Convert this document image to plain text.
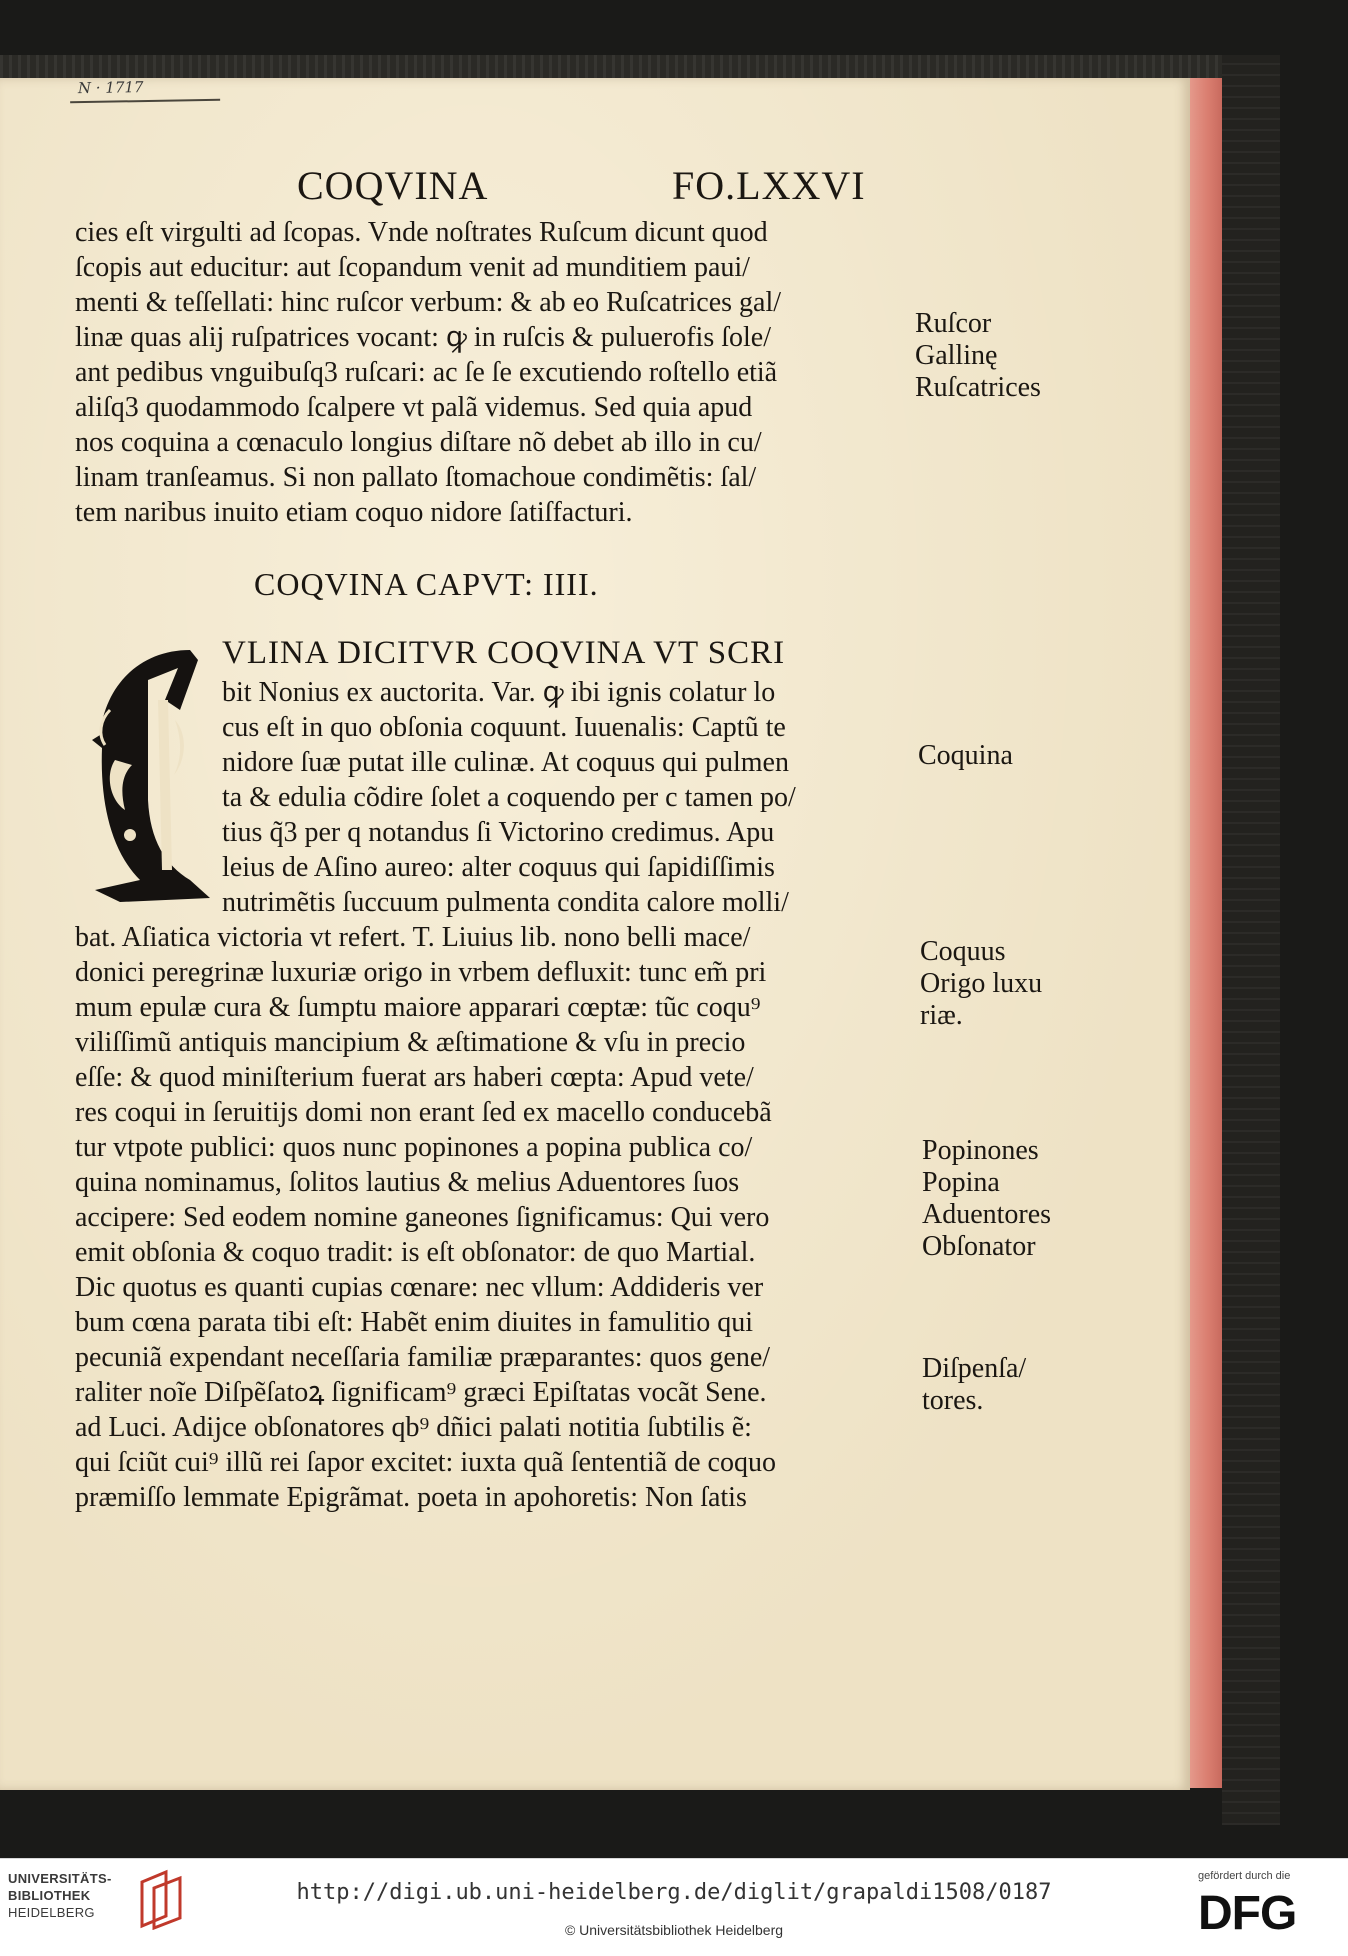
N · 1717
COQVINA	FO.LXXVI
cies eſt virgulti ad ſcopas. Vnde noſtrates Ruſcum dicunt quod
ſcopis aut educitur: aut ſcopandum venit ad munditiem paui/
menti & teſſellati: hinc ruſcor verbum: & ab eo Ruſcatrices gal/
linæ quas alij ruſpatrices vocant: ꝙ in ruſcis & puluerofis ſole/
ant pedibus vnguibuſq3 ruſcari: ac ſe ſe excutiendo roſtello etiã
aliſq3 quodammodo ſcalpere vt palã videmus. Sed quia apud
nos coquina a cœnaculo longius diſtare nõ debet ab illo in cu/
linam tranſeamus. Si non pallato ſtomachoue condimẽtis: ſal/
tem naribus inuito etiam coquo nidore ſatiſfacturi.
COQVINA CAPVT: IIII.
VLINA DICITVR COQVINA VT SCRI
bit Nonius ex auctorita. Var. ꝙ ibi ignis colatur lo
cus eſt in quo obſonia coquunt. Iuuenalis: Captũ te
nidore ſuæ putat ille culinæ. At coquus qui pulmen
ta & edulia cõdire ſolet a coquendo per c tamen po/
tius q̃3 per q notandus ſi Victorino credimus. Apu
leius de Aſino aureo: alter coquus qui ſapidiſſimis
nutrimẽtis ſuccuum pulmenta condita calore molli/
bat. Aſiatica victoria vt refert. T. Liuius lib. nono belli mace/
donici peregrinæ luxuriæ origo in vrbem defluxit: tunc em̃ pri
mum epulæ cura & ſumptu maiore apparari cœptæ: tũc coqu⁹
viliſſimũ antiquis mancipium & æſtimatione & vſu in precio
eſſe: & quod miniſterium fuerat ars haberi cœpta: Apud vete/
res coqui in ſeruitijs domi non erant ſed ex macello conducebã
tur vtpote publici: quos nunc popinones a popina publica co/
quina nominamus, ſolitos lautius & melius Aduentores ſuos
accipere: Sed eodem nomine ganeones ſignificamus: Qui vero
emit obſonia & coquo tradit: is eſt obſonator: de quo Martial.
Dic quotus es quanti cupias cœnare: nec vllum: Addideris ver
bum cœna parata tibi eſt: Habẽt enim diuites in famulitio qui
pecuniã expendant neceſſaria familiæ præparantes: quos gene/
raliter noĩe Diſpẽſatoꝝ ſignificam⁹ græci Epiſtatas vocãt Sene.
ad Luci. Adijce obſonatores qb⁹ dñici palati notitia ſubtilis ẽ:
qui ſciũt cui⁹ illũ rei ſapor excitet: iuxta quã ſententiã de coquo
præmiſſo lemmate Epigrãmat. poeta in apohoretis: Non ſatis
Ruſcor
Gallinę
Ruſcatrices
Coquina
Coquus
Origo luxu
riæ.
Popinones
Popina
Aduentores
Obſonator
Diſpenſa/
tores.
UNIVERSITÄTS-
BIBLIOTHEK
HEIDELBERG
http://digi.ub.uni-heidelberg.de/diglit/grapaldi1508/0187
© Universitätsbibliothek Heidelberg
gefördert durch die
DFG
